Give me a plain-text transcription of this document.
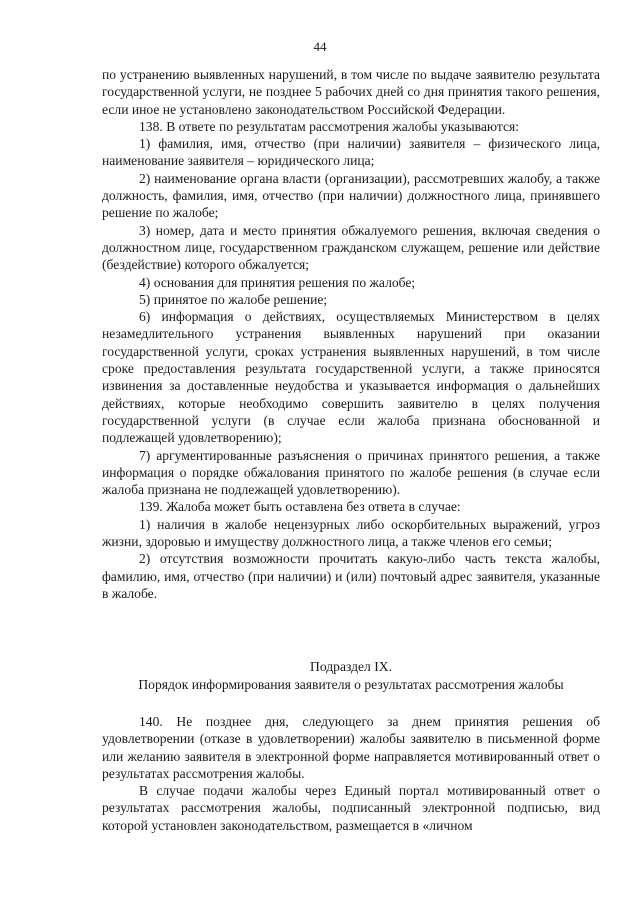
44

по устранению выявленных нарушений, в том числе по выдаче заявителю результата государственной услуги, не позднее 5 рабочих дней со дня принятия такого решения, если иное не установлено законодательством Российской Федерации.

138. В ответе по результатам рассмотрения жалобы указываются:

1) фамилия, имя, отчество (при наличии) заявителя – физического лица, наименование заявителя – юридического лица;

2) наименование органа власти (организации), рассмотревших жалобу, а также должность, фамилия, имя, отчество (при наличии) должностного лица, принявшего решение по жалобе;

3) номер, дата и место принятия обжалуемого решения, включая сведения о должностном лице, государственном гражданском служащем, решение или действие (бездействие) которого обжалуется;

4) основания для принятия решения по жалобе;

5) принятое по жалобе решение;

6) информация о действиях, осуществляемых Министерством в целях незамедлительного устранения выявленных нарушений при оказании государственной услуги, сроках устранения выявленных нарушений, в том числе сроке предоставления результата государственной услуги, а также приносятся извинения за доставленные неудобства и указывается информация о дальнейших действиях, которые необходимо совершить заявителю в целях получения государственной услуги (в случае если жалоба признана обоснованной и подлежащей удовлетворению);

7) аргументированные разъяснения о причинах принятого решения, а также информация о порядке обжалования принятого по жалобе решения (в случае если жалоба признана не подлежащей удовлетворению).

139. Жалоба может быть оставлена без ответа в случае:

1) наличия в жалобе нецензурных либо оскорбительных выражений, угроз жизни, здоровью и имуществу должностного лица, а также членов его семьи;

2) отсутствия возможности прочитать какую-либо часть текста жалобы, фамилию, имя, отчество (при наличии) и (или) почтовый адрес заявителя, указанные в жалобе.

Подраздел IX.
Порядок информирования заявителя о результатах рассмотрения жалобы

140. Не позднее дня, следующего за днем принятия решения об удовлетворении (отказе в удовлетворении) жалобы заявителю в письменной форме или желанию заявителя в электронной форме направляется мотивированный ответ о результатах рассмотрения жалобы.

В случае подачи жалобы через Единый портал мотивированный ответ о результатах рассмотрения жалобы, подписанный электронной подписью, вид которой установлен законодательством, размещается в «личном
